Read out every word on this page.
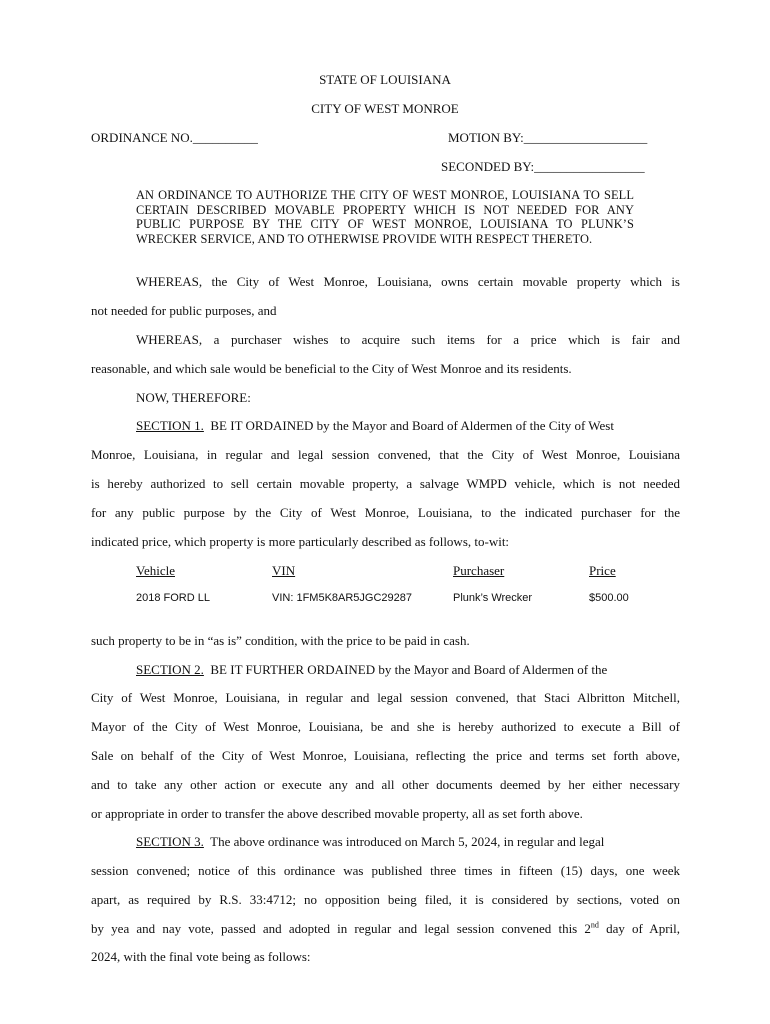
STATE OF LOUISIANA
CITY OF WEST MONROE
ORDINANCE NO.__________	MOTION BY:___________________
SECONDED BY:_________________
AN ORDINANCE TO AUTHORIZE THE CITY OF WEST MONROE, LOUISIANA TO SELL CERTAIN DESCRIBED MOVABLE PROPERTY WHICH IS NOT NEEDED FOR ANY PUBLIC PURPOSE BY THE CITY OF WEST MONROE, LOUISIANA TO PLUNK’S WRECKER SERVICE, AND TO OTHERWISE PROVIDE WITH RESPECT THERETO.
WHEREAS, the City of West Monroe, Louisiana, owns certain movable property which is
not needed for public purposes, and
WHEREAS, a purchaser wishes to acquire such items for a price which is fair and
reasonable, and which sale would be beneficial to the City of West Monroe and its residents.
NOW, THEREFORE:
SECTION 1. BE IT ORDAINED by the Mayor and Board of Aldermen of the City of West
Monroe, Louisiana, in regular and legal session convened, that the City of West Monroe, Louisiana
is hereby authorized to sell certain movable property, a salvage WMPD vehicle, which is not needed
for any public purpose by the City of West Monroe, Louisiana, to the indicated purchaser for the
indicated price, which property is more particularly described as follows, to-wit:
Vehicle	VIN	Purchaser	Price
2018 FORD LL	VIN: 1FM5K8AR5JGC29287	Plunk’s Wrecker	$500.00
such property to be in “as is” condition, with the price to be paid in cash.
SECTION 2. BE IT FURTHER ORDAINED by the Mayor and Board of Aldermen of the
City of West Monroe, Louisiana, in regular and legal session convened, that Staci Albritton Mitchell,
Mayor of the City of West Monroe, Louisiana, be and she is hereby authorized to execute a Bill of
Sale on behalf of the City of West Monroe, Louisiana, reflecting the price and terms set forth above,
and to take any other action or execute any and all other documents deemed by her either necessary
or appropriate in order to transfer the above described movable property, all as set forth above.
SECTION 3. The above ordinance was introduced on March 5, 2024, in regular and legal
session convened; notice of this ordinance was published three times in fifteen (15) days, one week
apart, as required by R.S. 33:4712; no opposition being filed, it is considered by sections, voted on
by yea and nay vote, passed and adopted in regular and legal session convened this 2nd day of April,
2024, with the final vote being as follows:
